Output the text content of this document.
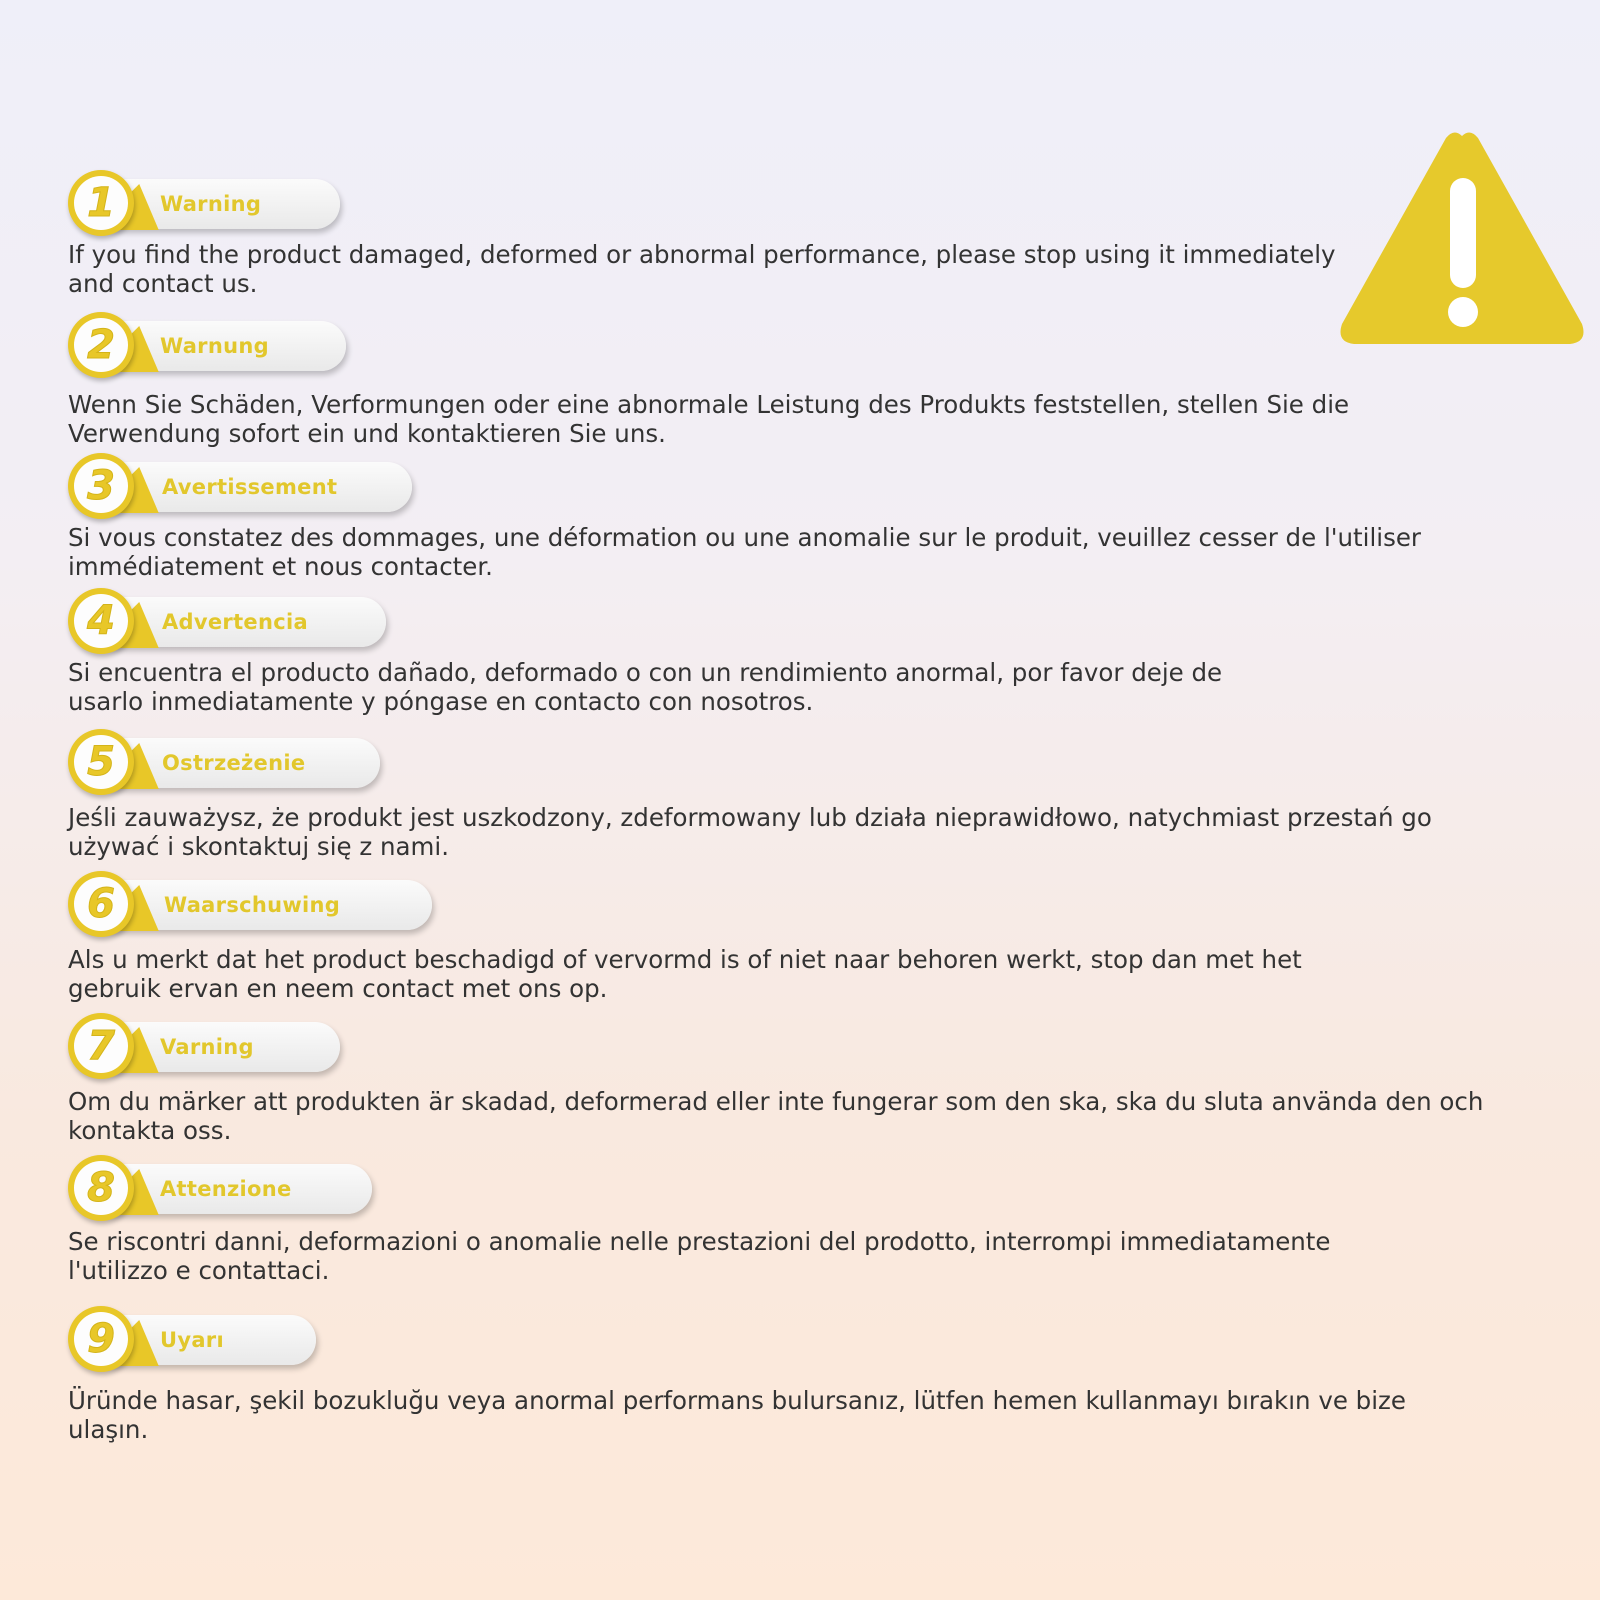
1	Warning

If you find the product damaged, deformed or abnormal performance, please stop using it immediately and contact us.

2	Warnung

Wenn Sie Schäden, Verformungen oder eine abnormale Leistung des Produkts feststellen, stellen Sie die Verwendung sofort ein und kontaktieren Sie uns.

3	Avertissement

Si vous constatez des dommages, une déformation ou une anomalie sur le produit, veuillez cesser de l'utiliser immédiatement et nous contacter.

4	Advertencia

Si encuentra el producto dañado, deformado o con un rendimiento anormal, por favor deje de usarlo inmediatamente y póngase en contacto con nosotros.

5	Ostrzeżenie

Jeśli zauważysz, że produkt jest uszkodzony, zdeformowany lub działa nieprawidłowo, natychmiast przestań go używać i skontaktuj się z nami.

6	Waarschuwing

Als u merkt dat het product beschadigd of vervormd is of niet naar behoren werkt, stop dan met het gebruik ervan en neem contact met ons op.

7	Varning

Om du märker att produkten är skadad, deformerad eller inte fungerar som den ska, ska du sluta använda den och kontakta oss.

8	Attenzione

Se riscontri danni, deformazioni o anomalie nelle prestazioni del prodotto, interrompi immediatamente l'utilizzo e contattaci.

9	Uyarı

Üründe hasar, şekil bozukluğu veya anormal performans bulursanız, lütfen hemen kullanmayı bırakın ve bize ulaşın.
